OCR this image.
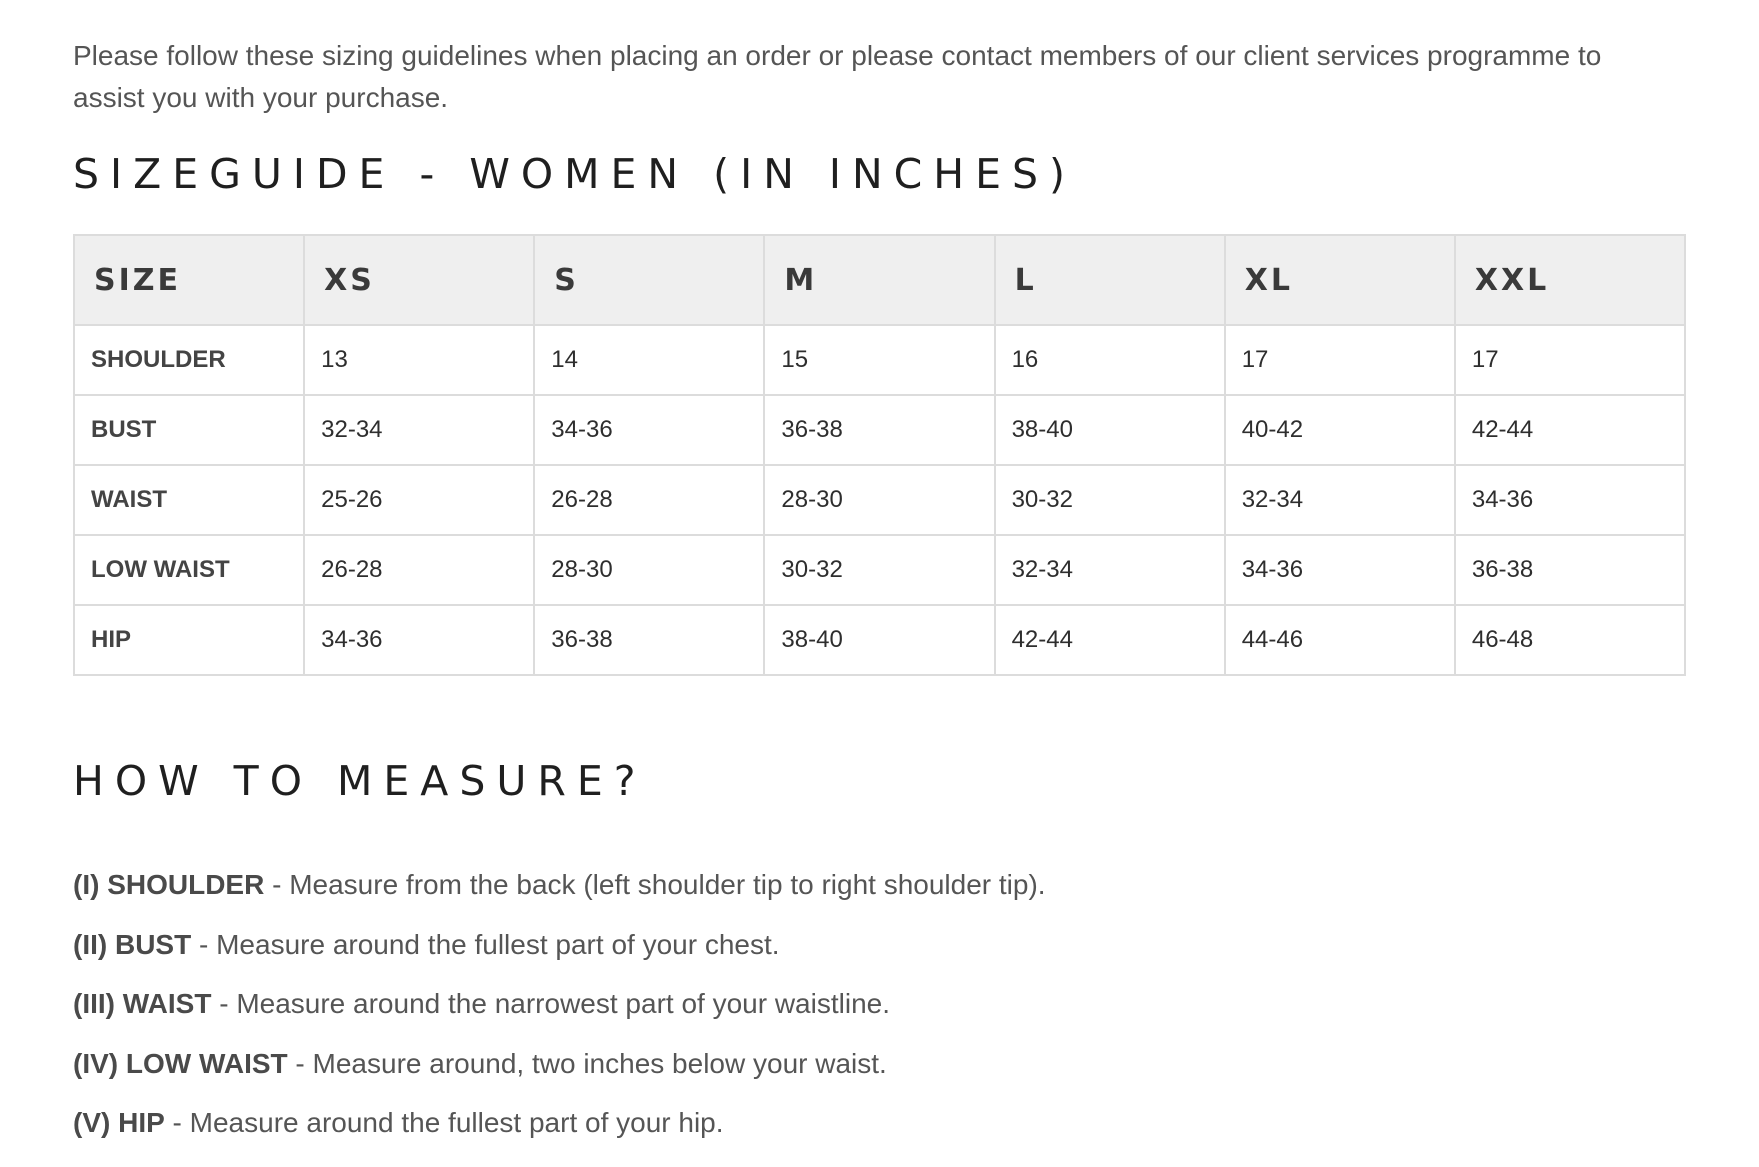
Please follow these sizing guidelines when placing an order or please contact members of our client services programme to assist you with your purchase.

SIZEGUIDE - WOMEN (IN INCHES)
SIZE	XS	S	M	L	XL	XXL
SHOULDER	13	14	15	16	17	17
BUST	32-34	34-36	36-38	38-40	40-42	42-44
WAIST	25-26	26-28	28-30	30-32	32-34	34-36
LOW WAIST	26-28	28-30	30-32	32-34	34-36	36-38
HIP	34-36	36-38	38-40	42-44	44-46	46-48
HOW TO MEASURE?
(I) SHOULDER - Measure from the back (left shoulder tip to right shoulder tip).
(II) BUST - Measure around the fullest part of your chest.
(III) WAIST - Measure around the narrowest part of your waistline.
(IV) LOW WAIST - Measure around, two inches below your waist.
(V) HIP - Measure around the fullest part of your hip.
